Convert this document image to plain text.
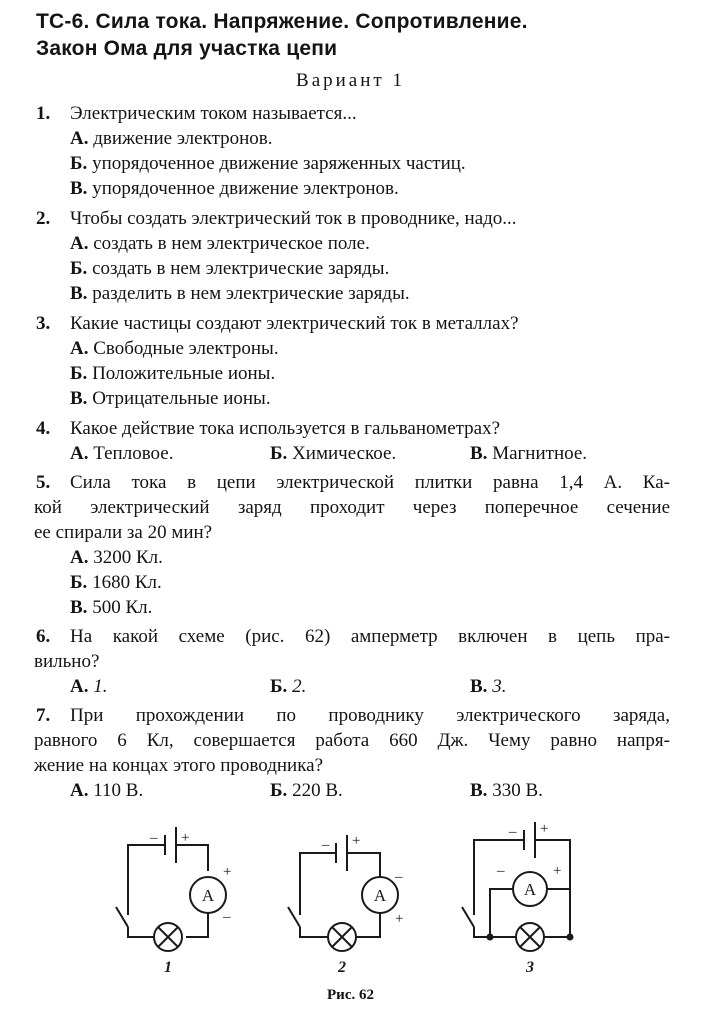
ТС-6. Сила тока. Напряжение. Сопротивление.
Закон Ома для участка цепи
Вариант 1
1. Электрическим током называется...
А. движение электронов.
Б. упорядоченное движение заряженных частиц.
В. упорядоченное движение электронов.
2. Чтобы создать электрический ток в проводнике, надо...
А. создать в нем электрическое поле.
Б. создать в нем электрические заряды.
В. разделить в нем электрические заряды.
3. Какие частицы создают электрический ток в металлах?
А. Свободные электроны.
Б. Положительные ионы.
В. Отрицательные ионы.
4. Какое действие тока используется в гальванометрах?
А. Тепловое.	Б. Химическое.	В. Магнитное.
5. Сила тока в цепи электрической плитки равна 1,4 А. Ка-
кой электрический заряд проходит через поперечное сечение
ее спирали за 20 мин?
А. 3200 Кл.
Б. 1680 Кл.
В. 500 Кл.
6. На какой схеме (рис. 62) амперметр включен в цепь пра-
вильно?
А. 1.	Б. 2.	В. 3.
7. При прохождении по проводнику электрического заряда,
равного 6 Кл, совершается работа 660 Дж. Чему равно напря-
жение на концах этого проводника?
А. 110 В.	Б. 220 В.	В. 330 В.
– +
+
–
A
1
– +
–
+
A
2
– +
–	+
A
3
Рис. 62
